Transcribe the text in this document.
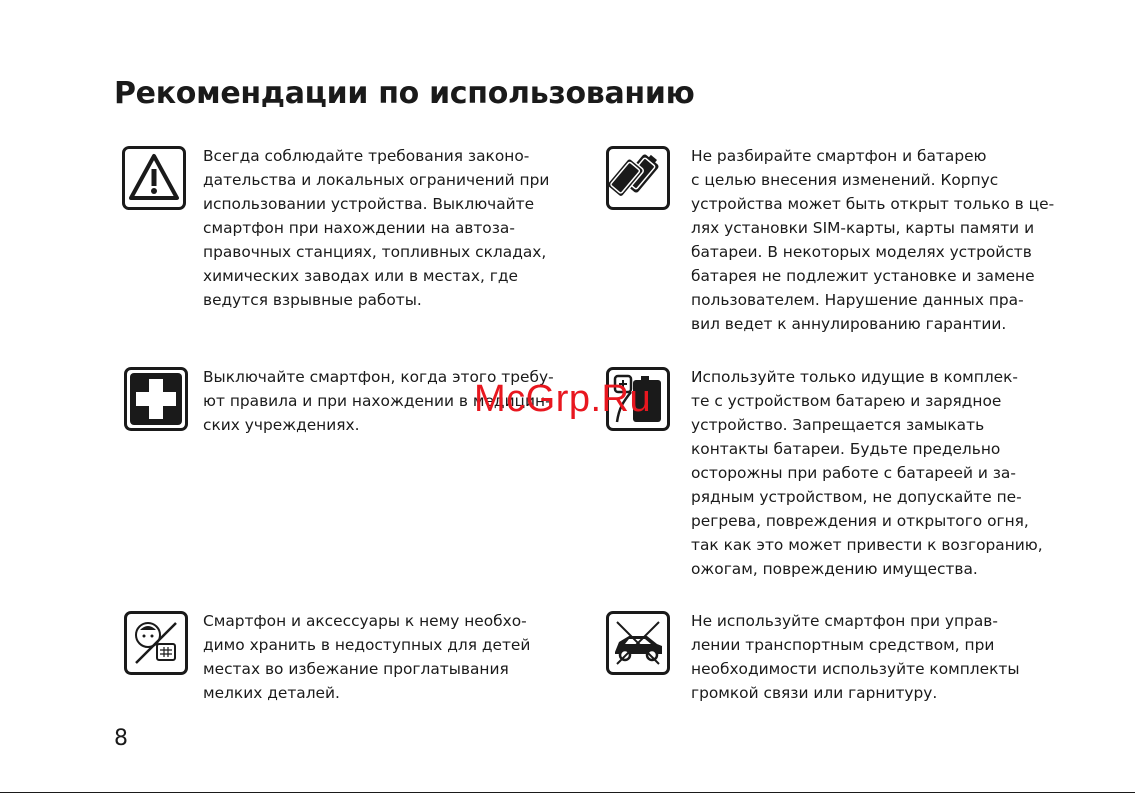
Рекомендации по использованию

Всегда соблюдайте требования законо-
дательства и локальных ограничений при
использовании устройства. Выключайте
смартфон при нахождении на автоза-
правочных станциях, топливных складах,
химических заводах или в местах, где
ведутся взрывные работы.

Не разбирайте смартфон и батарею
с целью внесения изменений. Корпус
устройства может быть открыт только в це-
лях установки SIM-карты, карты памяти и
батареи. В некоторых моделях устройств
батарея не подлежит установке и замене
пользователем. Нарушение данных пра-
вил ведет к аннулированию гарантии.

Выключайте смартфон, когда этого требу-
ют правила и при нахождении в медицин-
ских учреждениях.

Используйте только идущие в комплек-
те с устройством батарею и зарядное
устройство. Запрещается замыкать
контакты батареи. Будьте предельно
осторожны при работе с батареей и за-
рядным устройством, не допускайте пе-
регрева, повреждения и открытого огня,
так как это может привести к возгоранию,
ожогам, повреждению имущества.

Смартфон и аксессуары к нему необхо-
димо хранить в недоступных для детей
местах во избежание проглатывания
мелких деталей.

Не используйте смартфон при управ-
лении транспортным средством, при
необходимости используйте комплекты
громкой связи или гарнитуру.

McGrp.Ru
8
